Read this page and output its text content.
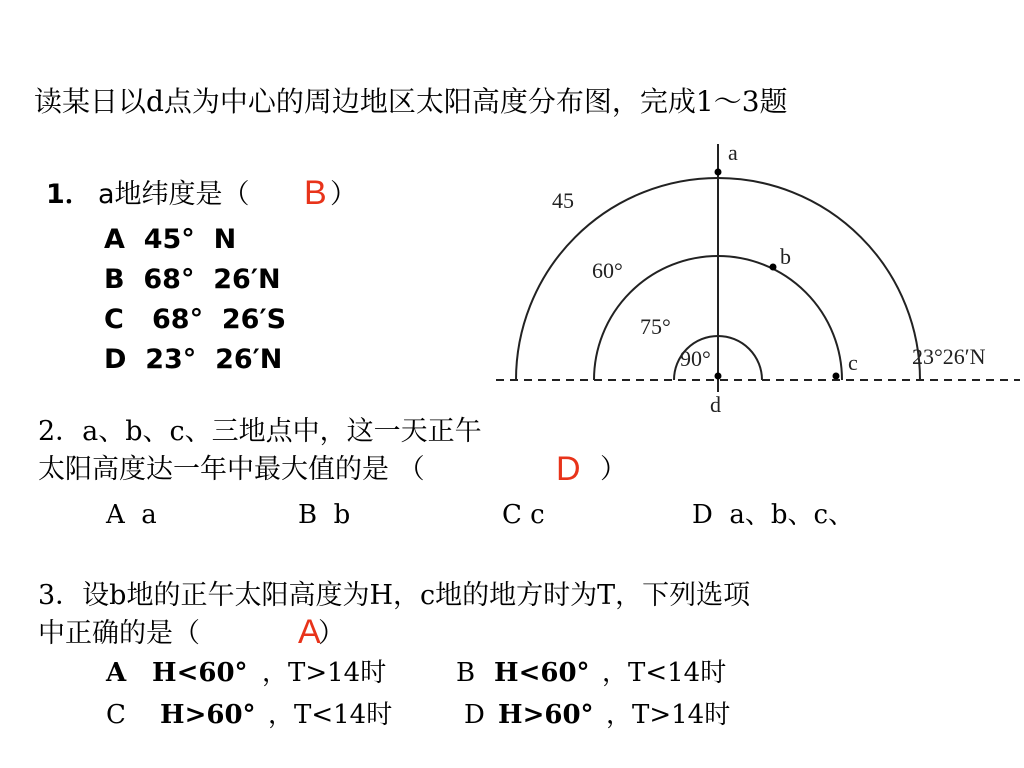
读某日以d点为中心的周边地区太阳高度分布图，完成1～3题
1． a地纬度是（ B ）
A  45°  N
B  68°  26′N
C   68°  26′S
D  23°  26′N
2．a、b、c、三地点中，这一天正午
太阳高度达一年中最大值的是 （	D ）
A  a	B  b	C c	D  a、b、c、
3．设b地的正午太阳高度为H，c地的地方时为T，下列选项
中正确的是（	A
）
A H<60° ，T>14时	B H<60° ，T<14时
C H>60° ，T<14时	D H>60° ，T>14时
a
b
c
d
45
60°
75°
90°	23°26′N
